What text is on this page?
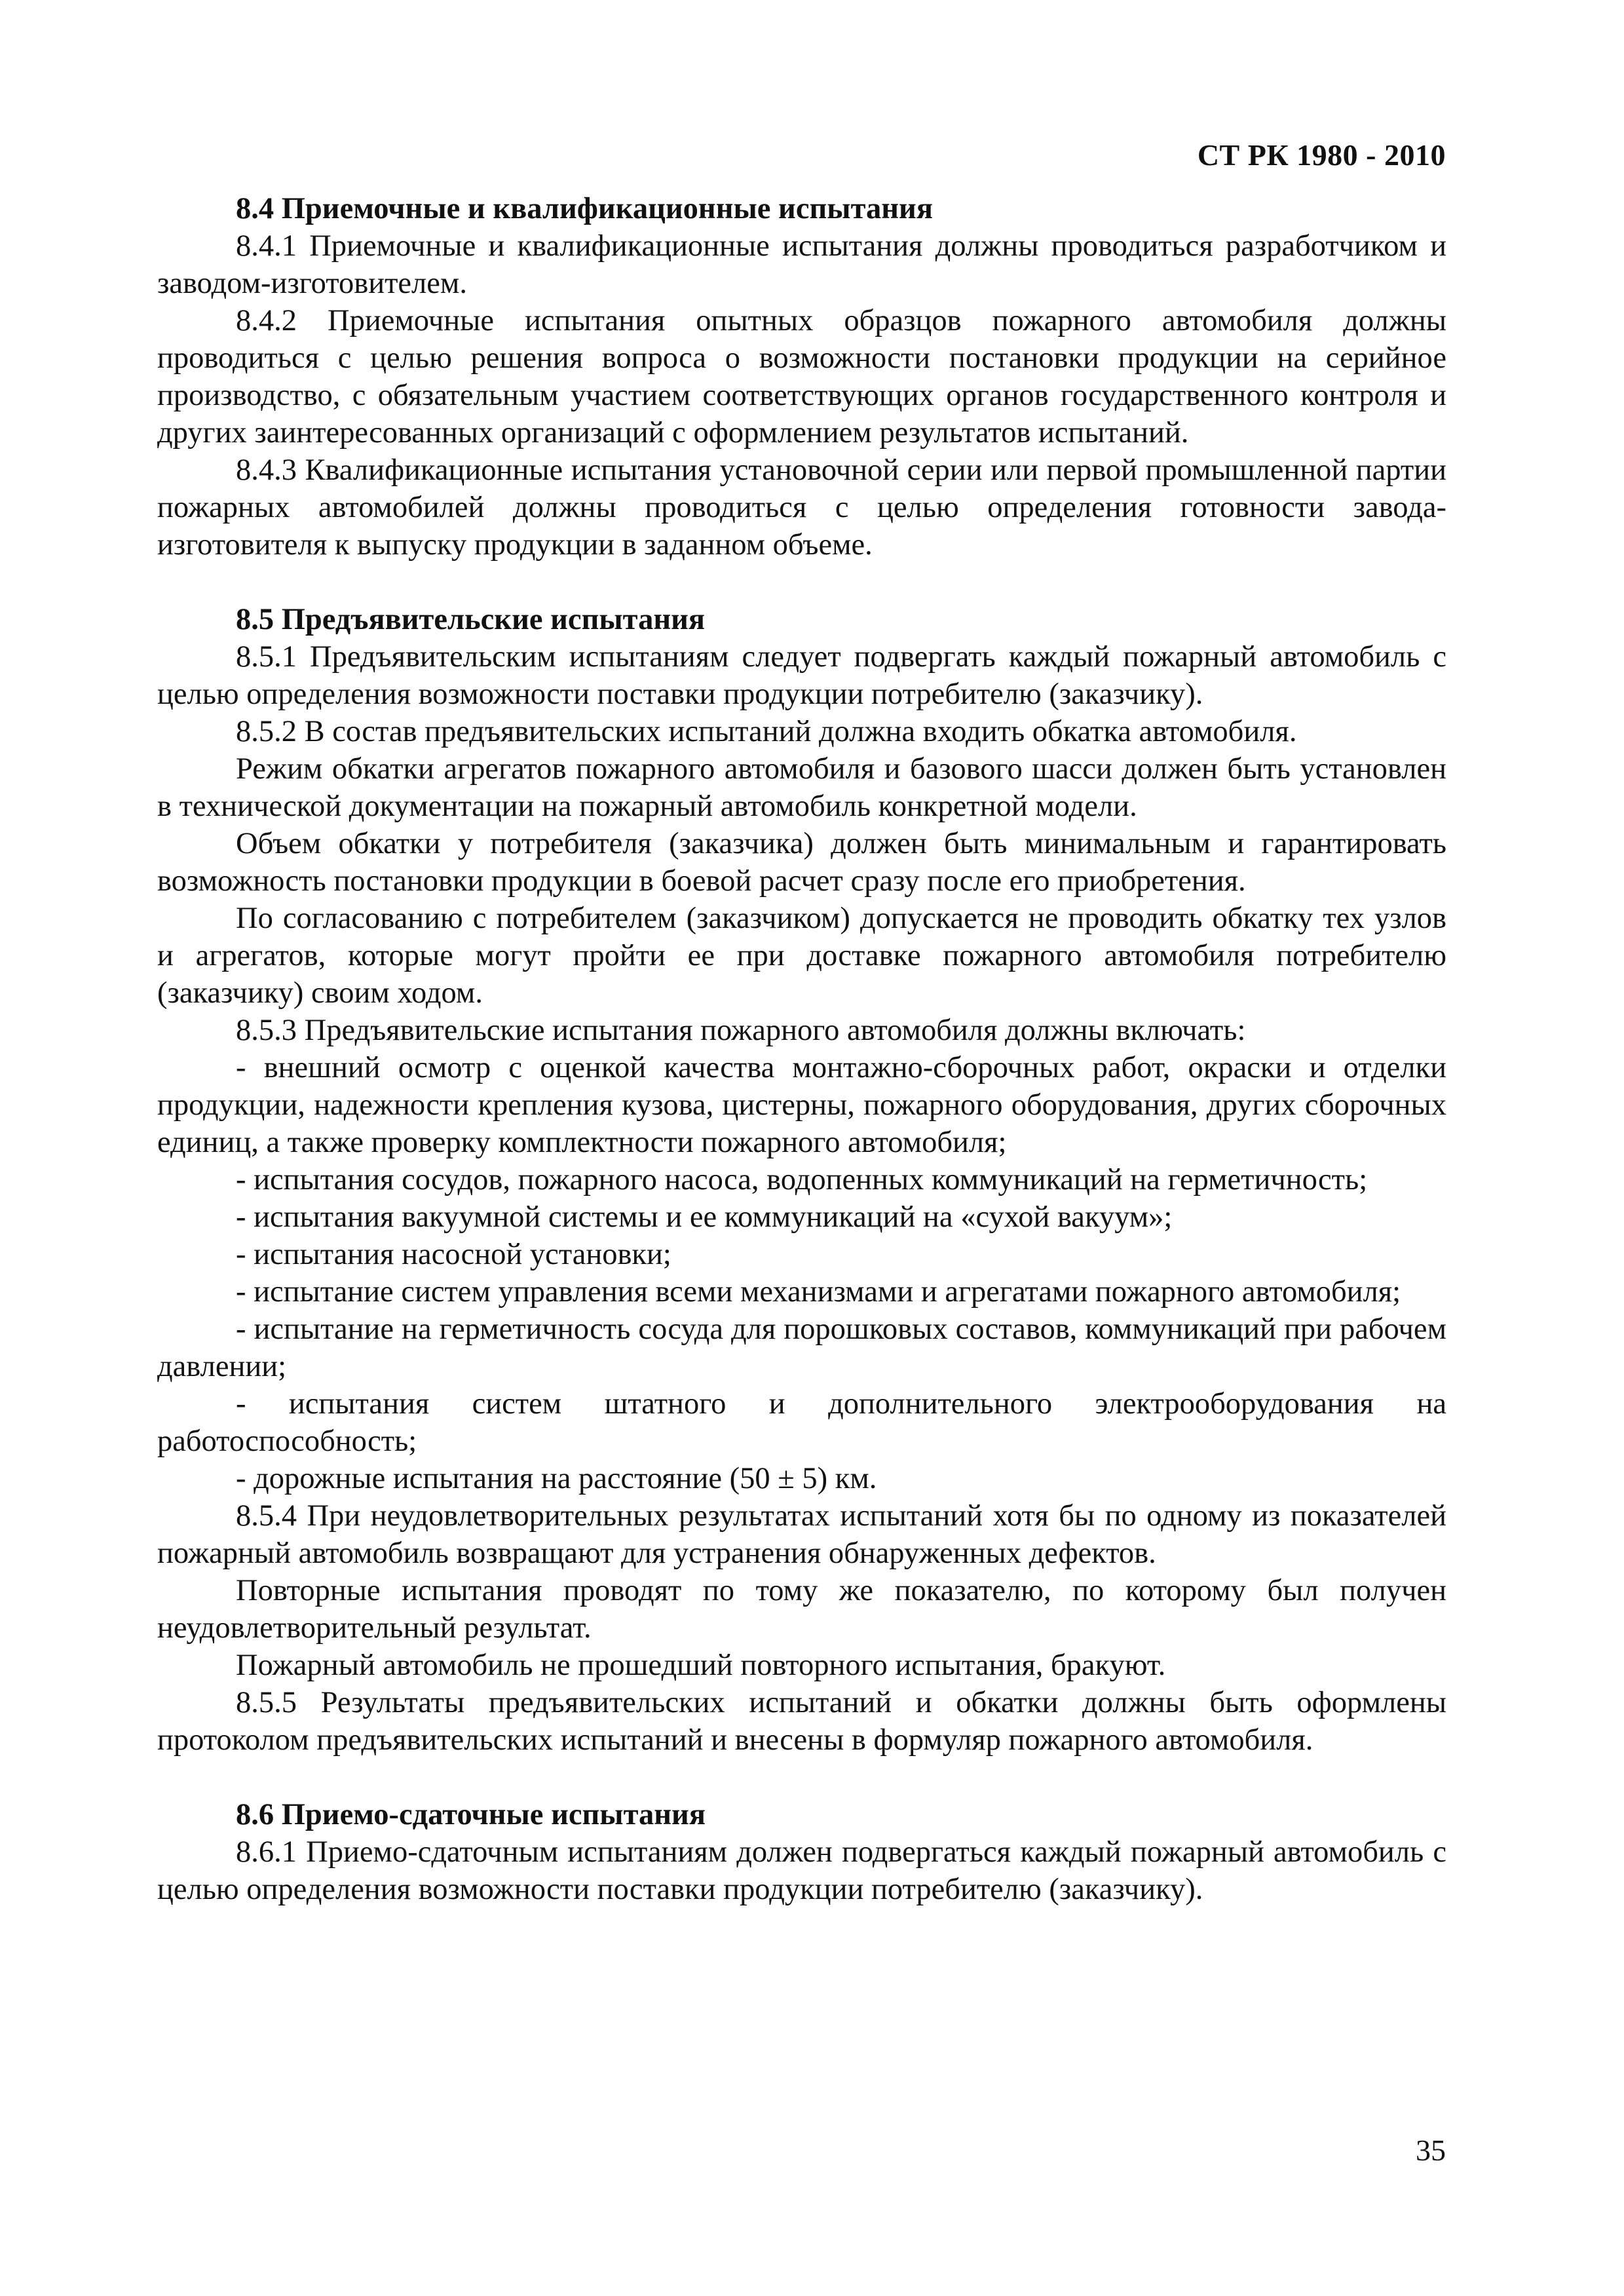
СТ РК 1980 - 2010
8.4 Приемочные и квалификационные испытания

8.4.1 Приемочные и квалификационные испытания должны проводиться разработчиком и заводом-изготовителем.

8.4.2 Приемочные испытания опытных образцов пожарного автомобиля должны проводиться с целью решения вопроса о возможности постановки продукции на серийное производство, с обязательным участием соответствующих органов государственного контроля и других заинтересованных организаций с оформлением результатов испытаний.

8.4.3 Квалификационные испытания установочной серии или первой промышленной партии пожарных автомобилей должны проводиться с целью определения готовности завода-изготовителя к выпуску продукции в заданном объеме.

8.5 Предъявительские испытания

8.5.1 Предъявительским испытаниям следует подвергать каждый пожарный автомобиль с целью определения возможности поставки продукции потребителю (заказчику).

8.5.2 В состав предъявительских испытаний должна входить обкатка автомобиля.

Режим обкатки агрегатов пожарного автомобиля и базового шасси должен быть установлен в технической документации на пожарный автомобиль конкретной модели.

Объем обкатки у потребителя (заказчика) должен быть минимальным и гарантировать возможность постановки продукции в боевой расчет сразу после его приобретения.

По согласованию с потребителем (заказчиком) допускается не проводить обкатку тех узлов и агрегатов, которые могут пройти ее при доставке пожарного автомобиля потребителю (заказчику) своим ходом.

8.5.3 Предъявительские испытания пожарного автомобиля должны включать:

- внешний осмотр с оценкой качества монтажно-сборочных работ, окраски и отделки продукции, надежности крепления кузова, цистерны, пожарного оборудования, других сборочных единиц, а также проверку комплектности пожарного автомобиля;

- испытания сосудов, пожарного насоса, водопенных коммуникаций на герметичность;

- испытания вакуумной системы и ее коммуникаций на «сухой вакуум»;

- испытания насосной установки;

- испытание систем управления всеми механизмами и агрегатами пожарного автомобиля;

- испытание на герметичность сосуда для порошковых составов, коммуникаций при рабочем давлении;

- испытания систем штатного и дополнительного электрооборудования на работоспособность;

- дорожные испытания на расстояние (50 ± 5) км.

8.5.4 При неудовлетворительных результатах испытаний хотя бы по одному из показателей пожарный автомобиль возвращают для устранения обнаруженных дефектов.

Повторные испытания проводят по тому же показателю, по которому был получен неудовлетворительный результат.

Пожарный автомобиль не прошедший повторного испытания, бракуют.

8.5.5 Результаты предъявительских испытаний и обкатки должны быть оформлены протоколом предъявительских испытаний и внесены в формуляр пожарного автомобиля.

8.6 Приемо-сдаточные испытания

8.6.1 Приемо-сдаточным испытаниям должен подвергаться каждый пожарный автомобиль с целью определения возможности поставки продукции потребителю (заказчику).

35
